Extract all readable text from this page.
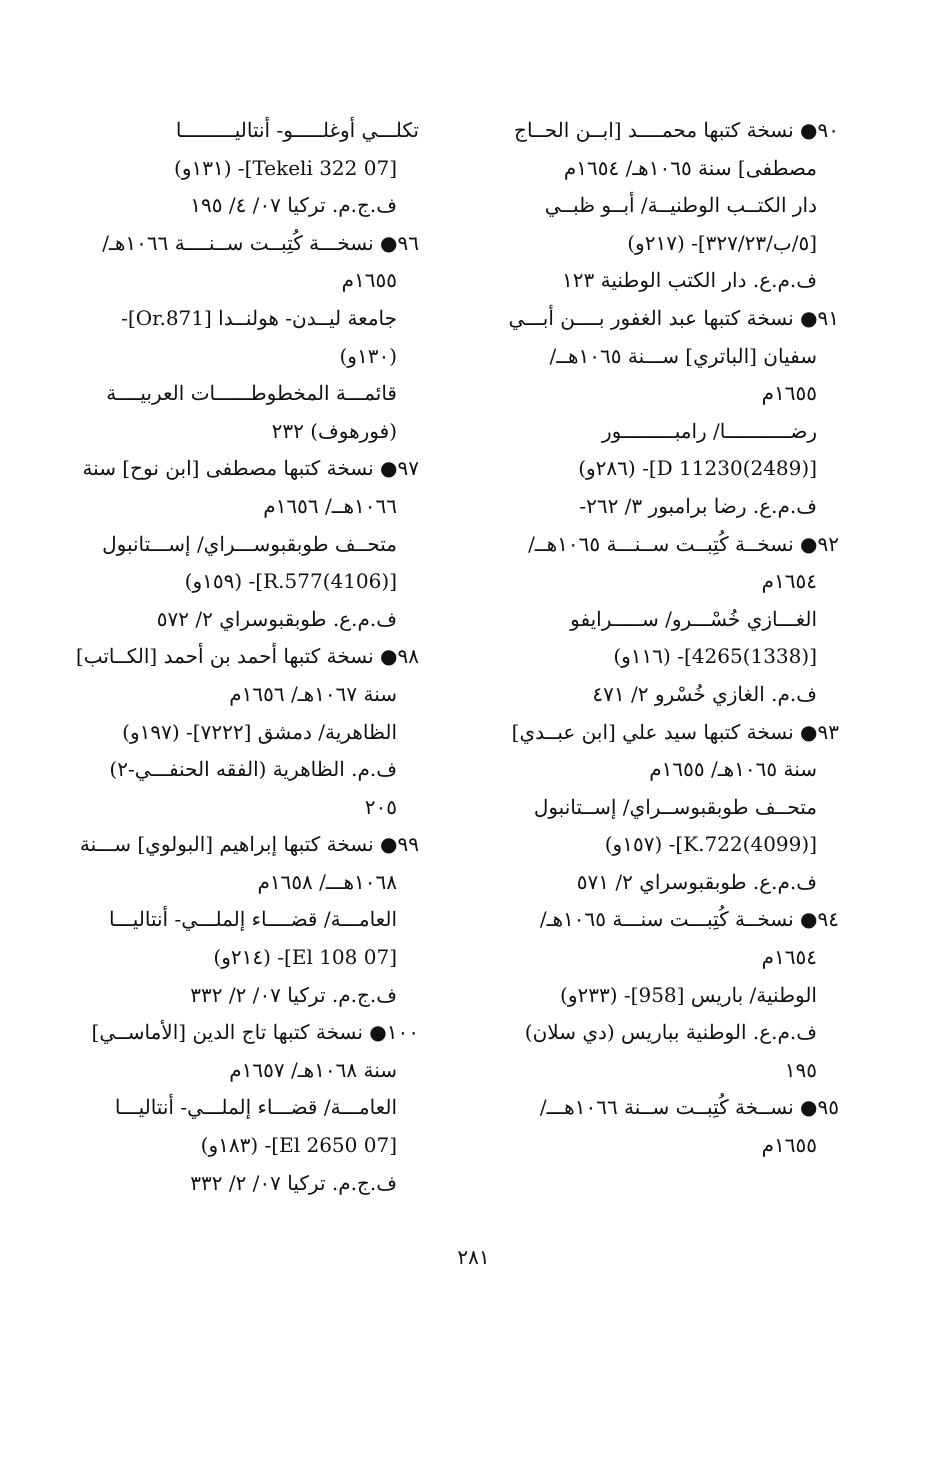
٩٠● نسخة كتبها محمــــد [ابــن الحــاج
مصطفى] سنة ١٠٦٥هـ/ ١٦٥٤م
دار الكتــب الوطنيــة/ أبــو ظبــي
[٥/ب/٣٢٧/٢٣]- (٢١٧و)
ف.م.ع. دار الكتب الوطنية ١٢٣
٩١● نسخة كتبها عبد الغفور بــــن أبـــي
سفيان [الباتري] ســـنة ١٠٦٥هــ/
١٦٥٥م
رضـــــــــــا/ رامبـــــــــور
[(2489)11230 D]- (٢٨٦و)
ف.م.ع. رضا برامبور ٣/ ٢٦٢-
٩٢● نسخــة كُتِبــت ســنـــة ١٠٦٥هــ/
١٦٥٤م
الغـــازي خُسْـــرو/ ســـــرايفو
[(1338)4265]- (١١٦و)
ف.م. الغازي خُسْرو ٢/ ٤٧١
٩٣● نسخة كتبها سيد علي [ابن عبــدي]
سنة ١٠٦٥هـ/ ١٦٥٥م
متحــف طوبقبوســراي/ إســتانبول
[(4099)K.722]- (١٥٧و)
ف.م.ع. طوبقبوسراي ٢/ ٥٧١
٩٤● نسخــة كُتِبـــت سنـــة ١٠٦٥هـ/
١٦٥٤م
الوطنية/ باريس [958]- (٢٣٣و)
ف.م.ع. الوطنية بباريس (دي سلان)
١٩٥
٩٥● نســخة كُتِبــت ســنة ١٠٦٦هـــ/
١٦٥٥م
تكلـــي أوغلـــــو- أنتاليـــــــــا
[07 Tekeli 322]- (١٣١و)
ف.ج.م. تركيا ٠٧/ ٤/ ١٩٥
٩٦● نسخـــة كُتِبــت ســنــــة ١٠٦٦هـ/
١٦٥٥م
جامعة ليــدن- هولنــدا [Or.871]-
(١٣٠و)
قائمـــة المخطوطــــــات العربيــــة
(فورهوف) ٢٣٢
٩٧● نسخة كتبها مصطفى [ابن نوح] سنة
١٠٦٦هــ/ ١٦٥٦م
متحــف طوبقبوســـراي/ إســـتانبول
[(4106)R.577]- (١٥٩و)
ف.م.ع. طوبقبوسراي ٢/ ٥٧٢
٩٨● نسخة كتبها أحمد بن أحمد [الكــاتب]
سنة ١٠٦٧هـ/ ١٦٥٦م
الظاهرية/ دمشق [٧٢٢٢]- (١٩٧و)
ف.م. الظاهرية (الفقه الحنفـــي-٢)
٢٠٥
٩٩● نسخة كتبها إبراهيم [البولوي] ســـنة
١٠٦٨هـــ/ ١٦٥٨م
العامـــة/ قضــــاء إلملـــي- أنتاليـــا
[07 El 108]- (٢١٤و)
ف.ج.م. تركيا ٠٧/ ٢/ ٣٣٢
١٠٠● نسخة كتبها تاج الدين [الأماســي]
سنة ١٠٦٨هـ/ ١٦٥٧م
العامـــة/ قضـــاء إلملـــي- أنتاليـــا
[07 El 2650]- (١٨٣و)
ف.ج.م. تركيا ٠٧/ ٢/ ٣٣٢
٢٨١
